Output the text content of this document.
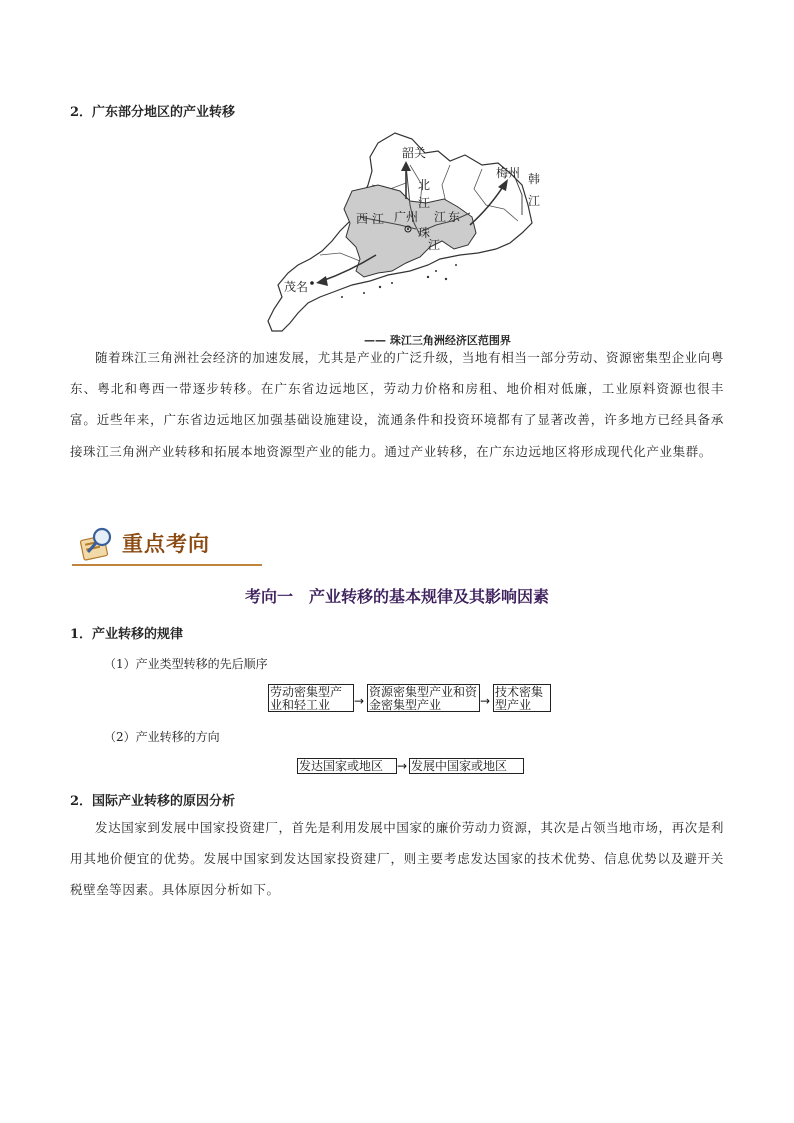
2．广东部分地区的产业转移
韶关
北
江
梅州 韩
江
西 江 广州 江 东
珠
江
茂名
—— 珠江三角洲经济区范围界
随着珠江三角洲社会经济的加速发展，尤其是产业的广泛升级，当地有相当一部分劳动、资源密集型企业向粤东、粤北和粤西一带逐步转移。在广东省边远地区，劳动力价格和房租、地价相对低廉，工业原料资源也很丰富。近些年来，广东省边远地区加强基础设施建设，流通条件和投资环境都有了显著改善，许多地方已经具备承接珠江三角洲产业转移和拓展本地资源型产业的能力。通过产业转移，在广东边远地区将形成现代化产业集群。
重点考向
考向一　产业转移的基本规律及其影响因素
1．产业转移的规律
（1）产业类型转移的先后顺序
劳动密集型产业和轻工业	→
资源密集型产业和资金密集型产业	→
技术密集型产业
（2）产业转移的方向
发达国家或地区	→ 发展中国家或地区
2．国际产业转移的原因分析
发达国家到发展中国家投资建厂，首先是利用发展中国家的廉价劳动力资源，其次是占领当地市场，再次是利用其地价便宜的优势。发展中国家到发达国家投资建厂，则主要考虑发达国家的技术优势、信息优势以及避开关税壁垒等因素。具体原因分析如下。
